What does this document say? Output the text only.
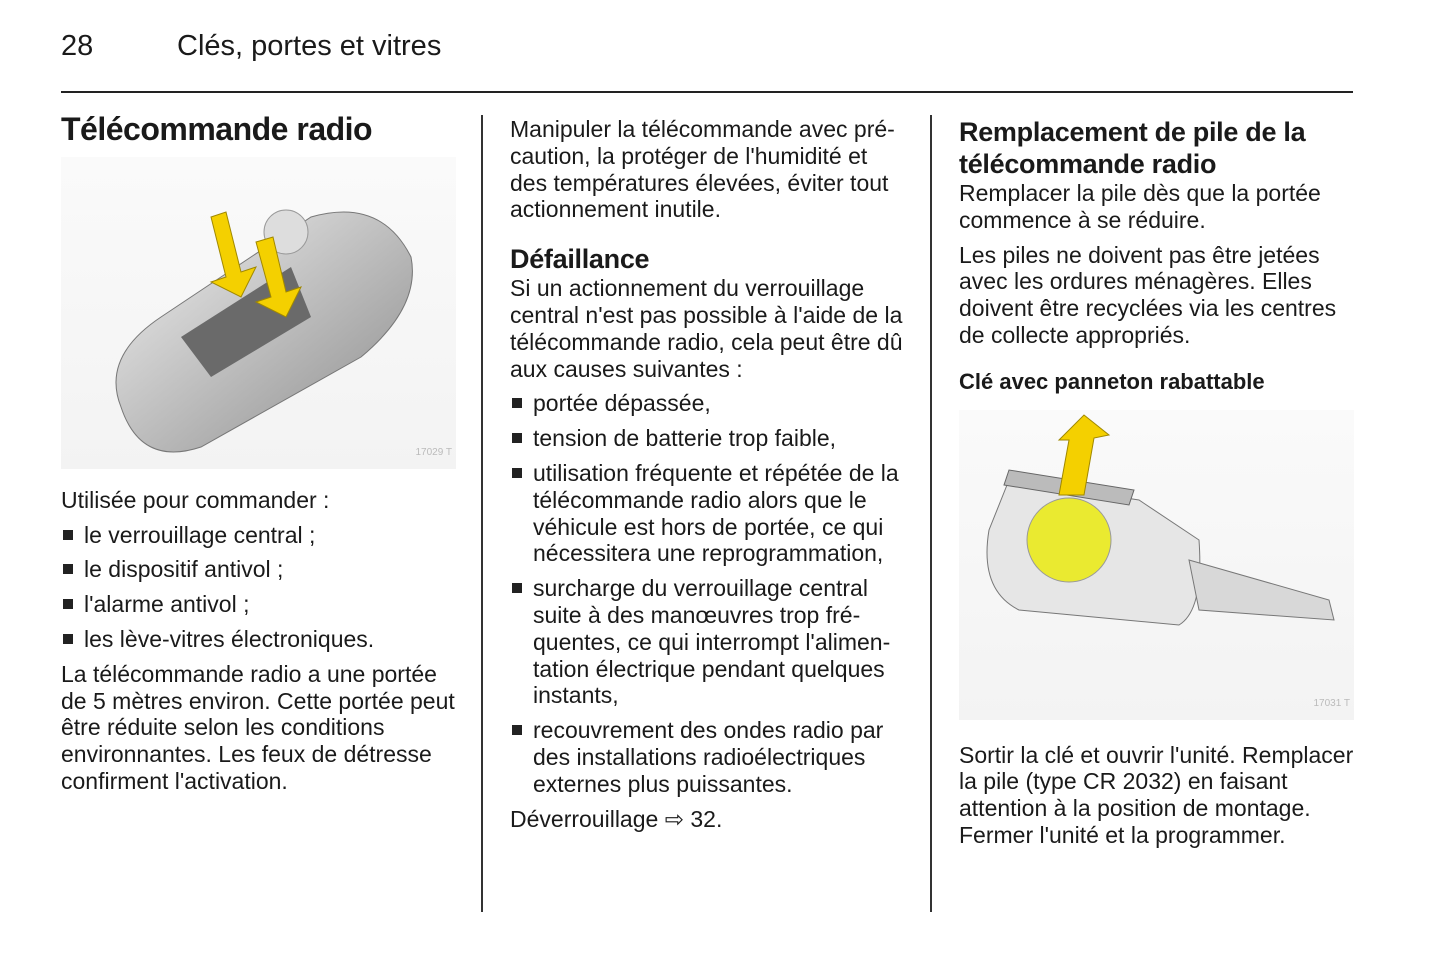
28	Clés, portes et vitres
Télécommande radio
17029 T

Utilisée pour commander :

le verrouillage central ;
le dispositif antivol ;
l'alarme antivol ;
les lève-vitres électroniques.

La télécommande radio a une portée de 5 mètres environ. Cette portée peut être réduite selon les conditions environnantes. Les feux de détresse confirment l'activation.

Manipuler la télécommande avec précaution, la protéger de l'humidité et des températures élevées, éviter tout actionnement inutile.

Défaillance

Si un actionnement du verrouillage central n'est pas possible à l'aide de la télécommande radio, cela peut être dû aux causes suivantes :

portée dépassée,
tension de batterie trop faible,
utilisation fréquente et répétée de la télécommande radio alors que le véhicule est hors de portée, ce qui nécessitera une reprogrammation,
surcharge du verrouillage central suite à des manœuvres trop fréquentes, ce qui interrompt l'alimentation électrique pendant quelques instants,
recouvrement des ondes radio par des installations radioélectriques externes plus puissantes.

Déverrouillage ⇨ 32.

Remplacement de pile de la télécommande radio

Remplacer la pile dès que la portée commence à se réduire.

Les piles ne doivent pas être jetées avec les ordures ménagères. Elles doivent être recyclées via les centres de collecte appropriés.

Clé avec panneton rabattable
17031 T

Sortir la clé et ouvrir l'unité. Remplacer la pile (type CR 2032) en faisant attention à la position de montage. Fermer l'unité et la programmer.
